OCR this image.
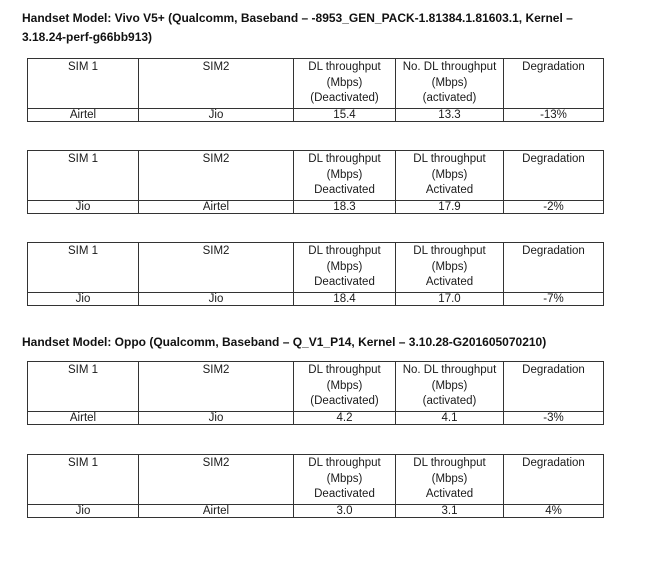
Handset Model: Vivo V5+ (Qualcomm, Baseband – -8953_GEN_PACK-1.81384.1.81603.1, Kernel –
3.18.24-perf-g66bb913)

SIM 1	SIM2	DL throughput
(Mbps)
(Deactivated)	No. DL throughput
(Mbps)
(activated)	Degradation
Airtel	Jio	15.4	13.3	-13%
SIM 1	SIM2	DL throughput
(Mbps)
Deactivated	DL throughput
(Mbps)
Activated	Degradation
Jio	Airtel	18.3	17.9	-2%
SIM 1	SIM2	DL throughput
(Mbps)
Deactivated	DL throughput
(Mbps)
Activated	Degradation
Jio	Jio	18.4	17.0	-7%

Handset Model: Oppo (Qualcomm, Baseband – Q_V1_P14, Kernel – 3.10.28-G201605070210)

SIM 1	SIM2	DL throughput
(Mbps)
(Deactivated)	No. DL throughput
(Mbps)
(activated)	Degradation
Airtel	Jio	4.2	4.1	-3%
SIM 1	SIM2	DL throughput
(Mbps)
Deactivated	DL throughput
(Mbps)
Activated	Degradation
Jio	Airtel	3.0	3.1	4%
